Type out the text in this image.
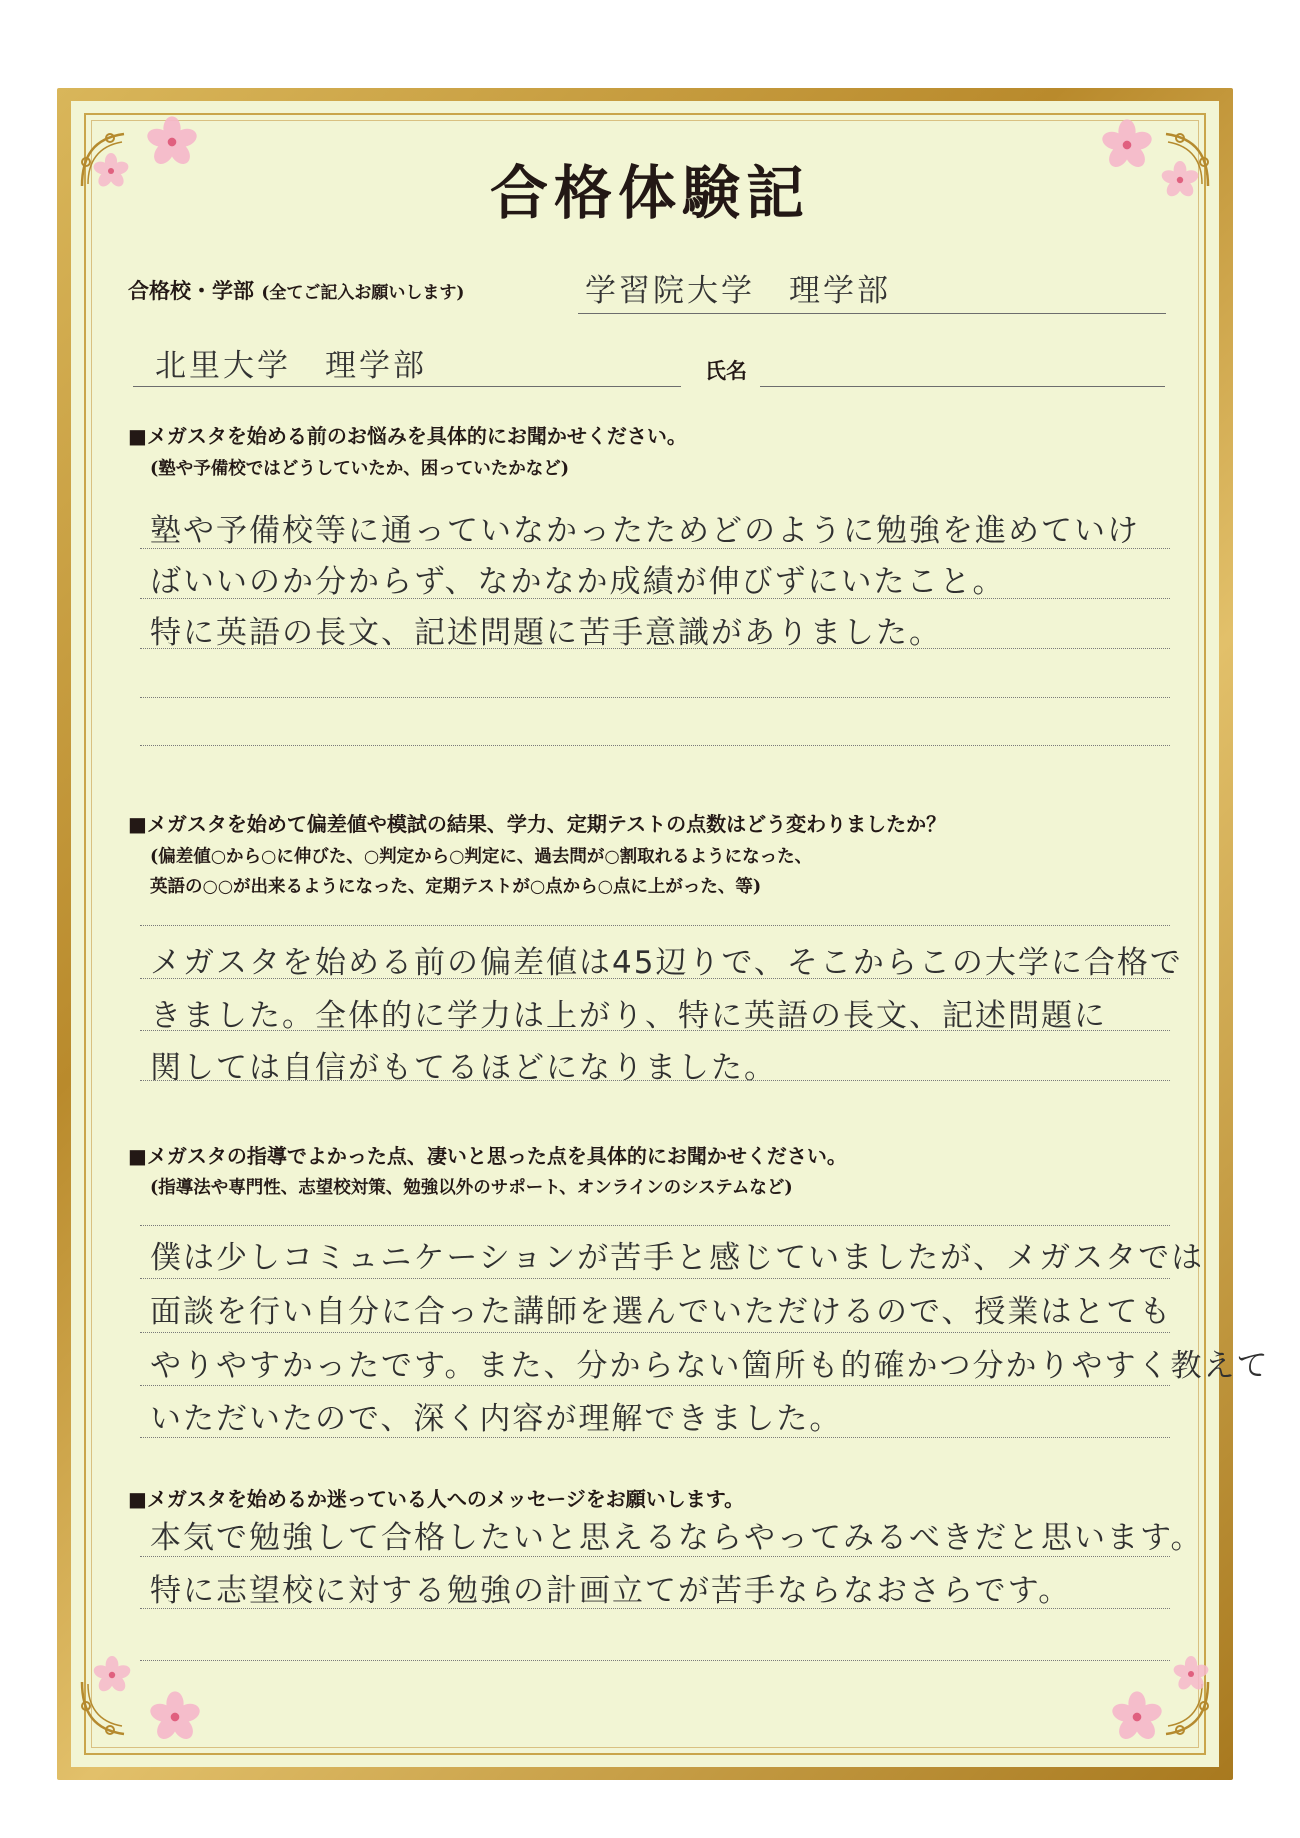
合格体験記
合格校・学部 (全てご記入お願いします)	学習院大学　理学部
北里大学　理学部	氏名
■メガスタを始める前のお悩みを具体的にお聞かせください。
(塾や予備校ではどうしていたか、困っていたかなど)
塾や予備校等に通っていなかったためどのように勉強を進めていけ
ばいいのか分からず、なかなか成績が伸びずにいたこと。
特に英語の長文、記述問題に苦手意識がありました。
■メガスタを始めて偏差値や模試の結果、学力、定期テストの点数はどう変わりましたか？
(偏差値○から○に伸びた、○判定から○判定に、過去問が○割取れるようになった、
英語の○○が出来るようになった、定期テストが○点から○点に上がった、等)
メガスタを始める前の偏差値は45辺りで、そこからこの大学に合格で
きました。全体的に学力は上がり、特に英語の長文、記述問題に
関しては自信がもてるほどになりました。
■メガスタの指導でよかった点、凄いと思った点を具体的にお聞かせください。
(指導法や専門性、志望校対策、勉強以外のサポート、オンラインのシステムなど)
僕は少しコミュニケーションが苦手と感じていましたが、メガスタでは
面談を行い自分に合った講師を選んでいただけるので、授業はとても
やりやすかったです。また、分からない箇所も的確かつ分かりやすく教えて
いただいたので、深く内容が理解できました。
■メガスタを始めるか迷っている人へのメッセージをお願いします。
本気で勉強して合格したいと思えるならやってみるべきだと思います。
特に志望校に対する勉強の計画立てが苦手ならなおさらです。
